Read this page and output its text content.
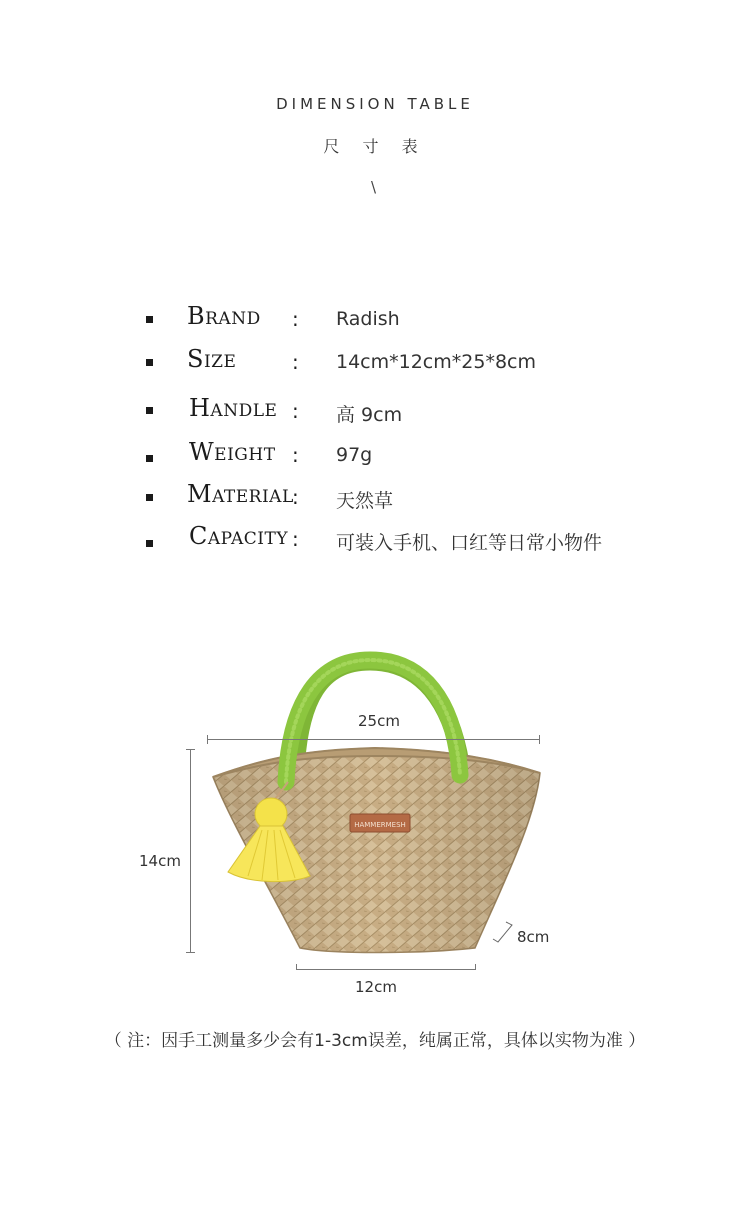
DIMENSION TABLE
尺 寸 表
\
Brand : Radish
Size	: 14cm*12cm*25*8cm
Handle : 高 9cm
Weight : 97g
Material
: 天然草
Capacity : 可装入手机、口红等日常小物件
HAMMERMESH
25cm
14cm
8cm
12cm
（ 注：因手工测量多少会有1-3cm误差，纯属正常，具体以实物为准 ）
